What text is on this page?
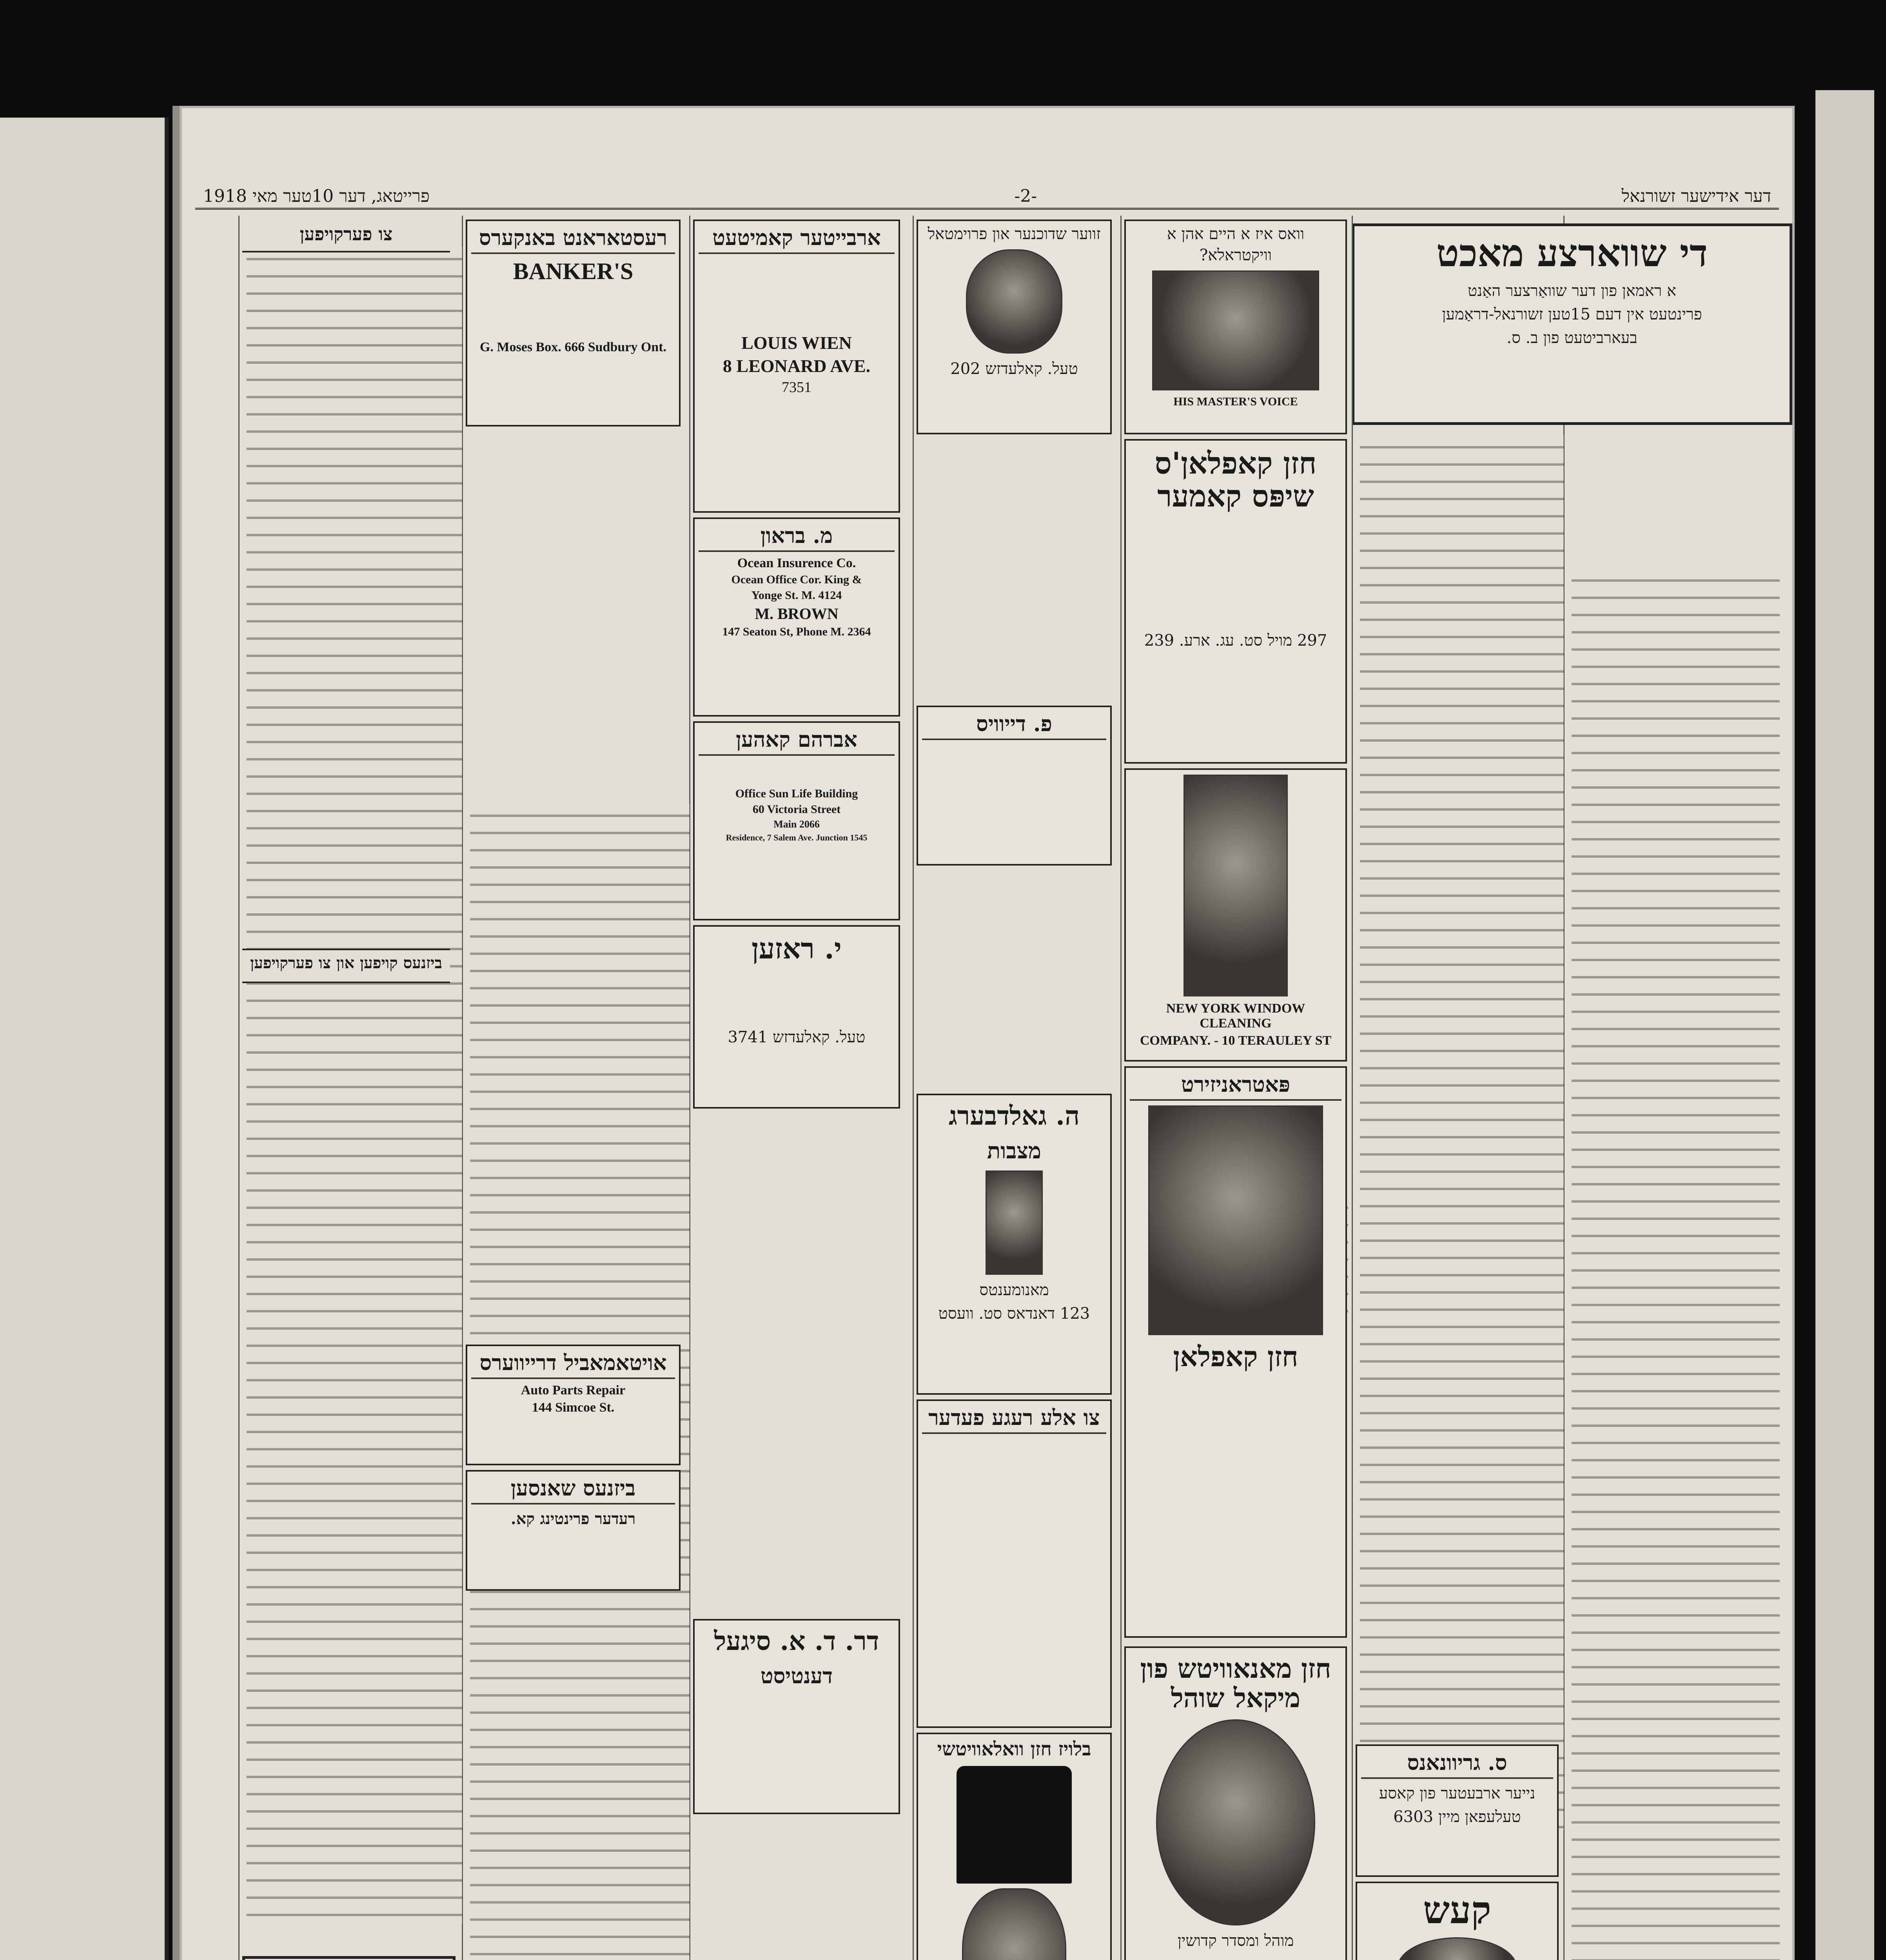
דער אידישער זשורנאל
-2-
פרייטאג, דער 10טער מאי 1918
די שווארצע מאכט
א ראמאן פון דער שוואַרצער האַנט
פרינטעט אין דעם 15טען זשורנאל-דראַמען
בעארביטעט פון ב. ס.
ס. גריוונאנס
נייער ארבעטער פון קאסע
טעלעפאן מיין 6303
קעש
וואס איז א היים אהן א וויקטראלא?
HIS MASTER'S VOICE
חזן קאפלאן'ס שיפּס קאמער
297 מויל סט. עג. ארע. 239
NEW YORK WINDOW CLEANING
COMPANY. - 10 TERAULEY ST
פּאטראניזירט
חזן קאפלאן
חזן מאנאוויטש פון מיקאל שוהל
מוהל ומסדר קדושין
זווער שדוכנער און פרוימטאל
טעל. קאלעדזש 202
פ. דייוויס
ה. גאלדבערג
מצבות
מאנומענטס
123 דאנדאס סט. וועסט
צו אלע רעגע פעדער
בלויז חזן וואלאוויטשי
ארבייטער קאמיטעט
LOUIS WIEN
8 LEONARD AVE.
7351
מ. בראון
Ocean Insurence Co.
Ocean Office Cor. King &
Yonge St. M. 4124
M. BROWN
147 Seaton St, Phone M. 2364
אברהם קאהען
Office Sun Life Building
60 Victoria Street
Main 2066
Residence, 7 Salem Ave. Junction 1545
י. ראזען
טעל. קאלעדזש 3741
דר. ד. א. סיגעל
דענטיסט
רעסטאראנט באנקערס
BANKER'S
G. Moses Box. 666 Sudbury Ont.
אויטאמאביל דרייווערס
Auto Parts Repair
144 Simcoe St.
ביזנעס שאנסען
רעדער פרינטינג קא.
צו פערקויפען
ביזנעס קויפען און צו פערקויפען
